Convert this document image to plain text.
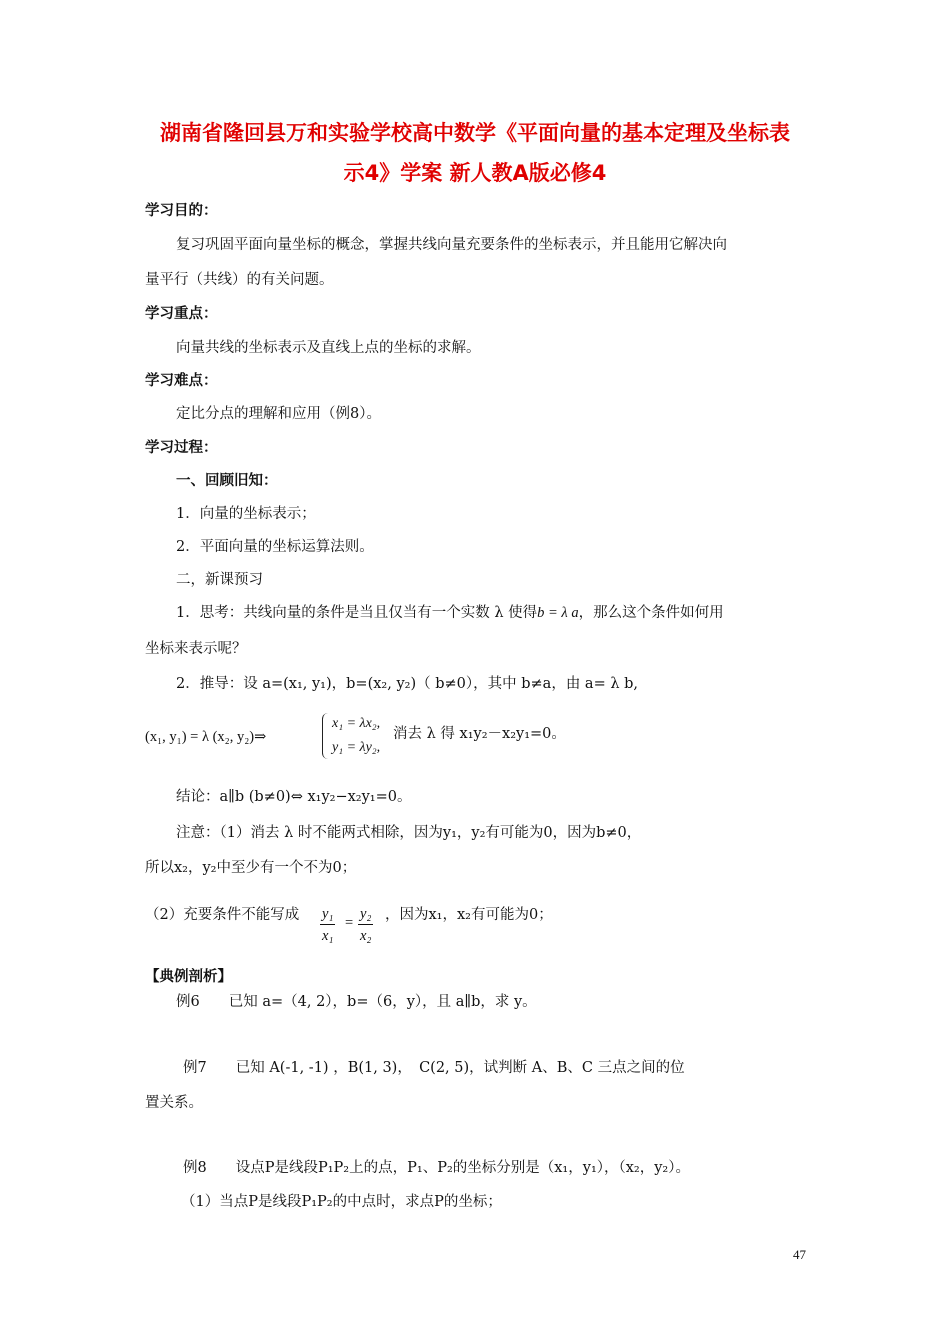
湖南省隆回县万和实验学校高中数学《平面向量的基本定理及坐标表
示4》学案 新人教A版必修4
学习目的：
复习巩固平面向量坐标的概念，掌握共线向量充要条件的坐标表示，并且能用它解决向
量平行（共线）的有关问题。
学习重点：
向量共线的坐标表示及直线上点的坐标的求解。
学习难点：
定比分点的理解和应用（例8）。
学习过程：
一、回顾旧知：
1．向量的坐标表示；
2．平面向量的坐标运算法则。
二，新课预习
1．思考：共线向量的条件是当且仅当有一个实数 λ 使得b = λ a，那么这个条件如何用
坐标来表示呢？
2．推导：设 a=(x₁, y₁)，b=(x₂, y₂)（ b≠0），其中 b≠a，由 a= λ b,
(x₁, y₁) = λ (x₂, y₂)⇒
x₁ = λx₂,
y₁ = λy₂,
消去 λ 得 x₁y₂－x₂y₁=0。
结论：a∥b (b≠0)⇔ x₁y₂−x₂y₁=0。
注意：（1）消去 λ 时不能两式相除，因为y₁，y₂有可能为0，因为b≠0，
所以x₂，y₂中至少有一个不为0；
（2）充要条件不能写成 $\frac{\text{y₁}}{\text{x₁}} = \frac{\text{y₂}}{\text{x₂}}$ ，因为x₁，x₂有可能为0；
【典例剖析】
例6　　已知 a=（4, 2），b=（6，y），且 a∥b，求 y。
例7　　已知 A(-1, -1) ，B(1, 3)，　C(2, 5)，试判断 A、B、C 三点之间的位
置关系。
例8　　设点P是线段P₁P₂上的点，P₁、P₂的坐标分别是（x₁，y₁），（x₂，y₂）。
（1）当点P是线段P₁P₂的中点时，求点P的坐标；
47
